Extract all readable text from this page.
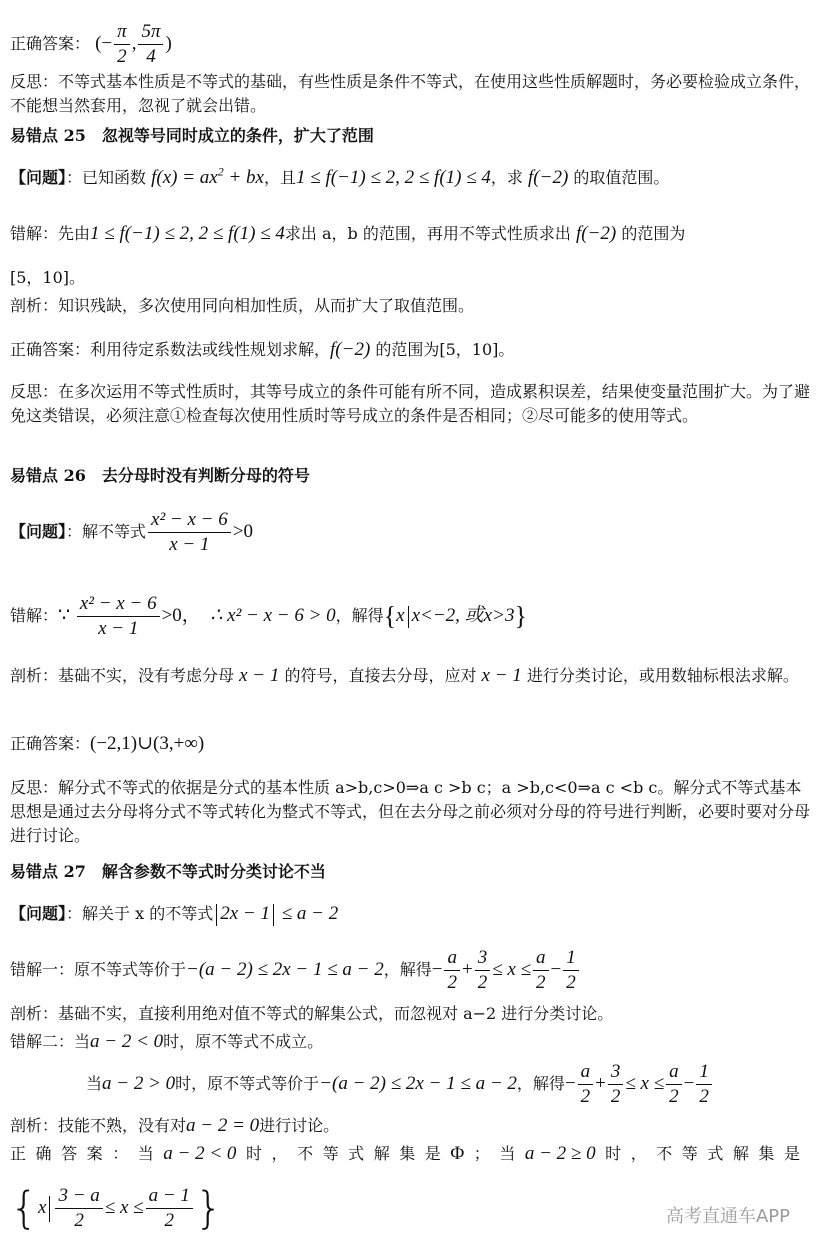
正确答案： (− $\frac{\pi}{2}$ , $\frac{5\pi}{4}$ )
反思：不等式基本性质是不等式的基础，有些性质是条件不等式，在使用这些性质解题时，务必要检验成立条件，不能想当然套用，忽视了就会出错。
易错点 25　忽视等号同时成立的条件，扩大了范围
【问题】：已知函数 $f(x) = ax^2$ + bx，且1 ≤ f(−1) ≤ 2, 2 ≤ f(1) ≤ 4，求 f(−2) 的取值范围。
错解：先由1 ≤ f(−1) ≤ 2, 2 ≤ f(1) ≤ 4求出 a，b 的范围，再用不等式性质求出 f(−2) 的范围为
[5，10]。
剖析：知识残缺，多次使用同向相加性质，从而扩大了取值范围。
正确答案：利用待定系数法或线性规划求解，f(−2) 的范围为[5，10]。
反思：在多次运用不等式性质时，其等号成立的条件可能有所不同，造成累积误差，结果使变量范围扩大。为了避免这类错误，必须注意①检查每次使用性质时等号成立的条件是否相同；②尽可能多的使用等式。
易错点 26　去分母时没有判断分母的符号
【问题】：解不等式 $\frac{\text{x² − x − 6}}{x - 1} >0$
错解：∵ $\frac{\text{x² − x − 6}}{x - 1} >0$，　∴ x² − x − 6 > 0，解得{x x<−2, 或x>3}
剖析：基础不实，没有考虑分母 x − 1 的符号，直接去分母，应对 x − 1 进行分类讨论，或用数轴标根法求解。
正确答案：(−2,1)∪(3,+∞)
反思：解分式不等式的依据是分式的基本性质 a>b,c>0⇒a c >b c；a >b,c<0⇒a c <b c。解分式不等式基本思想是通过去分母将分式不等式转化为整式不等式，但在去分母之前必须对分母的符号进行判断，必要时要对分母进行讨论。
易错点 27　解含参数不等式时分类讨论不当
【问题】：解关于 x 的不等式 2x − 1 ≤ a − 2
错解一：原不等式等价于−(a − 2) ≤ 2x − 1 ≤ a − 2，解得− $\frac{a}{2} + \frac{3}{2} \le x \le \frac{a}{2} - \frac{1}{2}$
剖析：基础不实，直接利用绝对值不等式的解集公式，而忽视对 a−2 进行分类讨论。
错解二：当a − 2 < 0时，原不等式不成立。
当a − 2 > 0时，原不等式等价于−(a − 2) ≤ 2x − 1 ≤ a − 2，解得− $\frac{a}{2} + \frac{3}{2} \le x \le \frac{a}{2} - \frac{1}{2}$
剖析：技能不熟，没有对a − 2 = 0进行讨论。
正 确 答 案 ： 当 a − 2 < 0 时 ， 不 等 式 解 集 是 Φ ； 当 a − 2 ≥ 0 时 ， 不 等 式 解 集 是
{$x \frac{3 - a}{2} \le x \le \frac{a - 1}{2}$ }	高考直通车APP
